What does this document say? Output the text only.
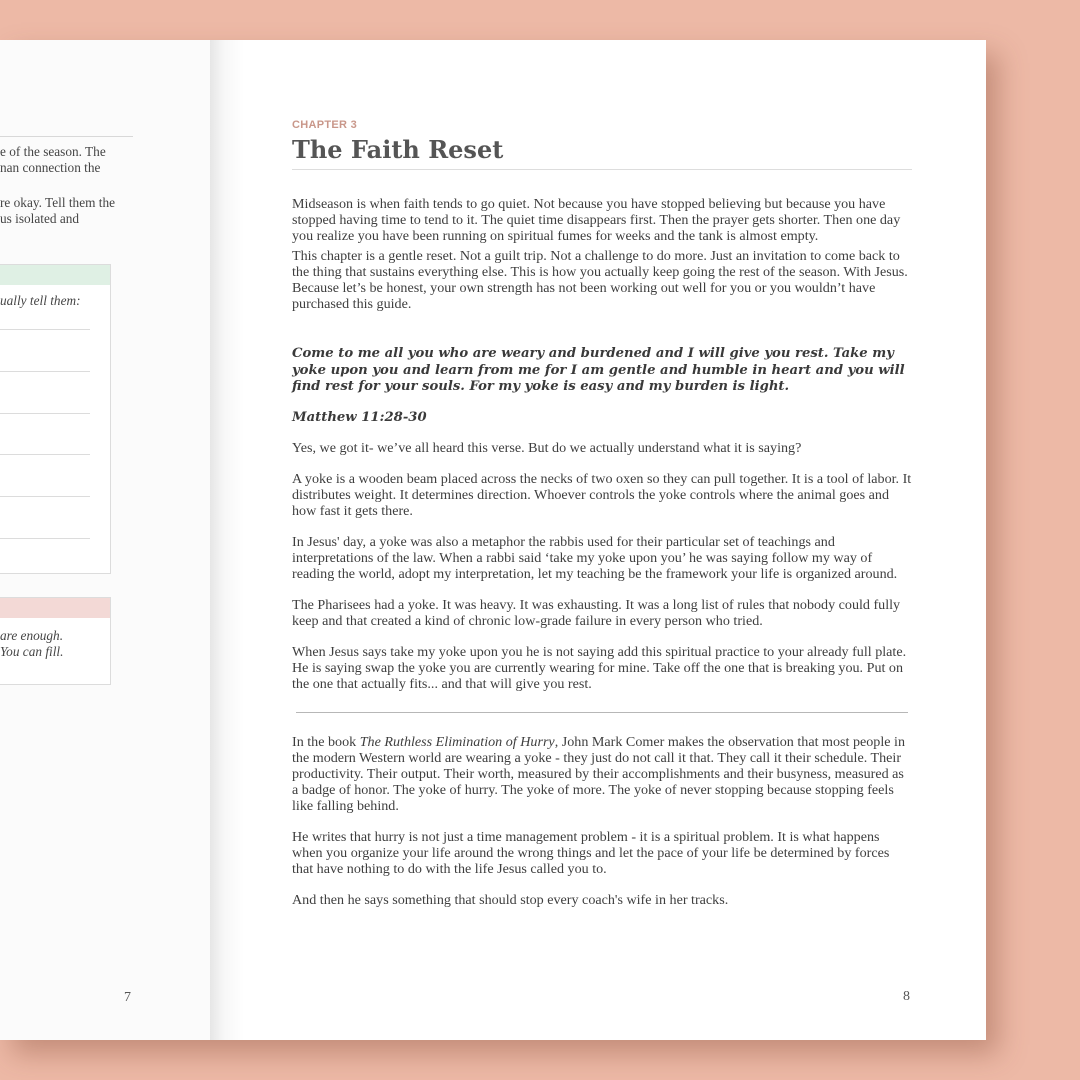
e of the season. The
nan connection the
re okay. Tell them the
us isolated and
ually tell them:
are enough.
You can fill.
7

CHAPTER 3

The Faith Reset

Midseason is when faith tends to go quiet. Not because you have stopped believing but because you have stopped having time to tend to it. The quiet time disappears first. Then the prayer gets shorter. Then one day you realize you have been running on spiritual fumes for weeks and the tank is almost empty.

This chapter is a gentle reset. Not a guilt trip. Not a challenge to do more. Just an invitation to come back to the thing that sustains everything else. This is how you actually keep going the rest of the season. With Jesus. Because let’s be honest, your own strength has not been working out well for you or you wouldn’t have purchased this guide.

Come to me all you who are weary and burdened and I will give you rest. Take my yoke upon you and learn from me for I am gentle and humble in heart and you will find rest for your souls. For my yoke is easy and my burden is light.

Matthew 11:28-30

Yes, we got it- we’ve all heard this verse. But do we actually understand what it is saying?

A yoke is a wooden beam placed across the necks of two oxen so they can pull together. It is a tool of labor. It distributes weight. It determines direction. Whoever controls the yoke controls where the animal goes and how fast it gets there.

In Jesus' day, a yoke was also a metaphor the rabbis used for their particular set of teachings and interpretations of the law. When a rabbi said ‘take my yoke upon you’ he was saying follow my way of reading the world, adopt my interpretation, let my teaching be the framework your life is organized around.

The Pharisees had a yoke. It was heavy. It was exhausting. It was a long list of rules that nobody could fully keep and that created a kind of chronic low-grade failure in every person who tried.

When Jesus says take my yoke upon you he is not saying add this spiritual practice to your already full plate. He is saying swap the yoke you are currently wearing for mine. Take off the one that is breaking you. Put on the one that actually fits... and that will give you rest.

In the book The Ruthless Elimination of Hurry, John Mark Comer makes the observation that most people in the modern Western world are wearing a yoke - they just do not call it that. They call it their schedule. Their productivity. Their output. Their worth, measured by their accomplishments and their busyness, measured as a badge of honor. The yoke of hurry. The yoke of more. The yoke of never stopping because stopping feels like falling behind.

He writes that hurry is not just a time management problem - it is a spiritual problem. It is what happens when you organize your life around the wrong things and let the pace of your life be determined by forces that have nothing to do with the life Jesus called you to.

And then he says something that should stop every coach's wife in her tracks.

8
